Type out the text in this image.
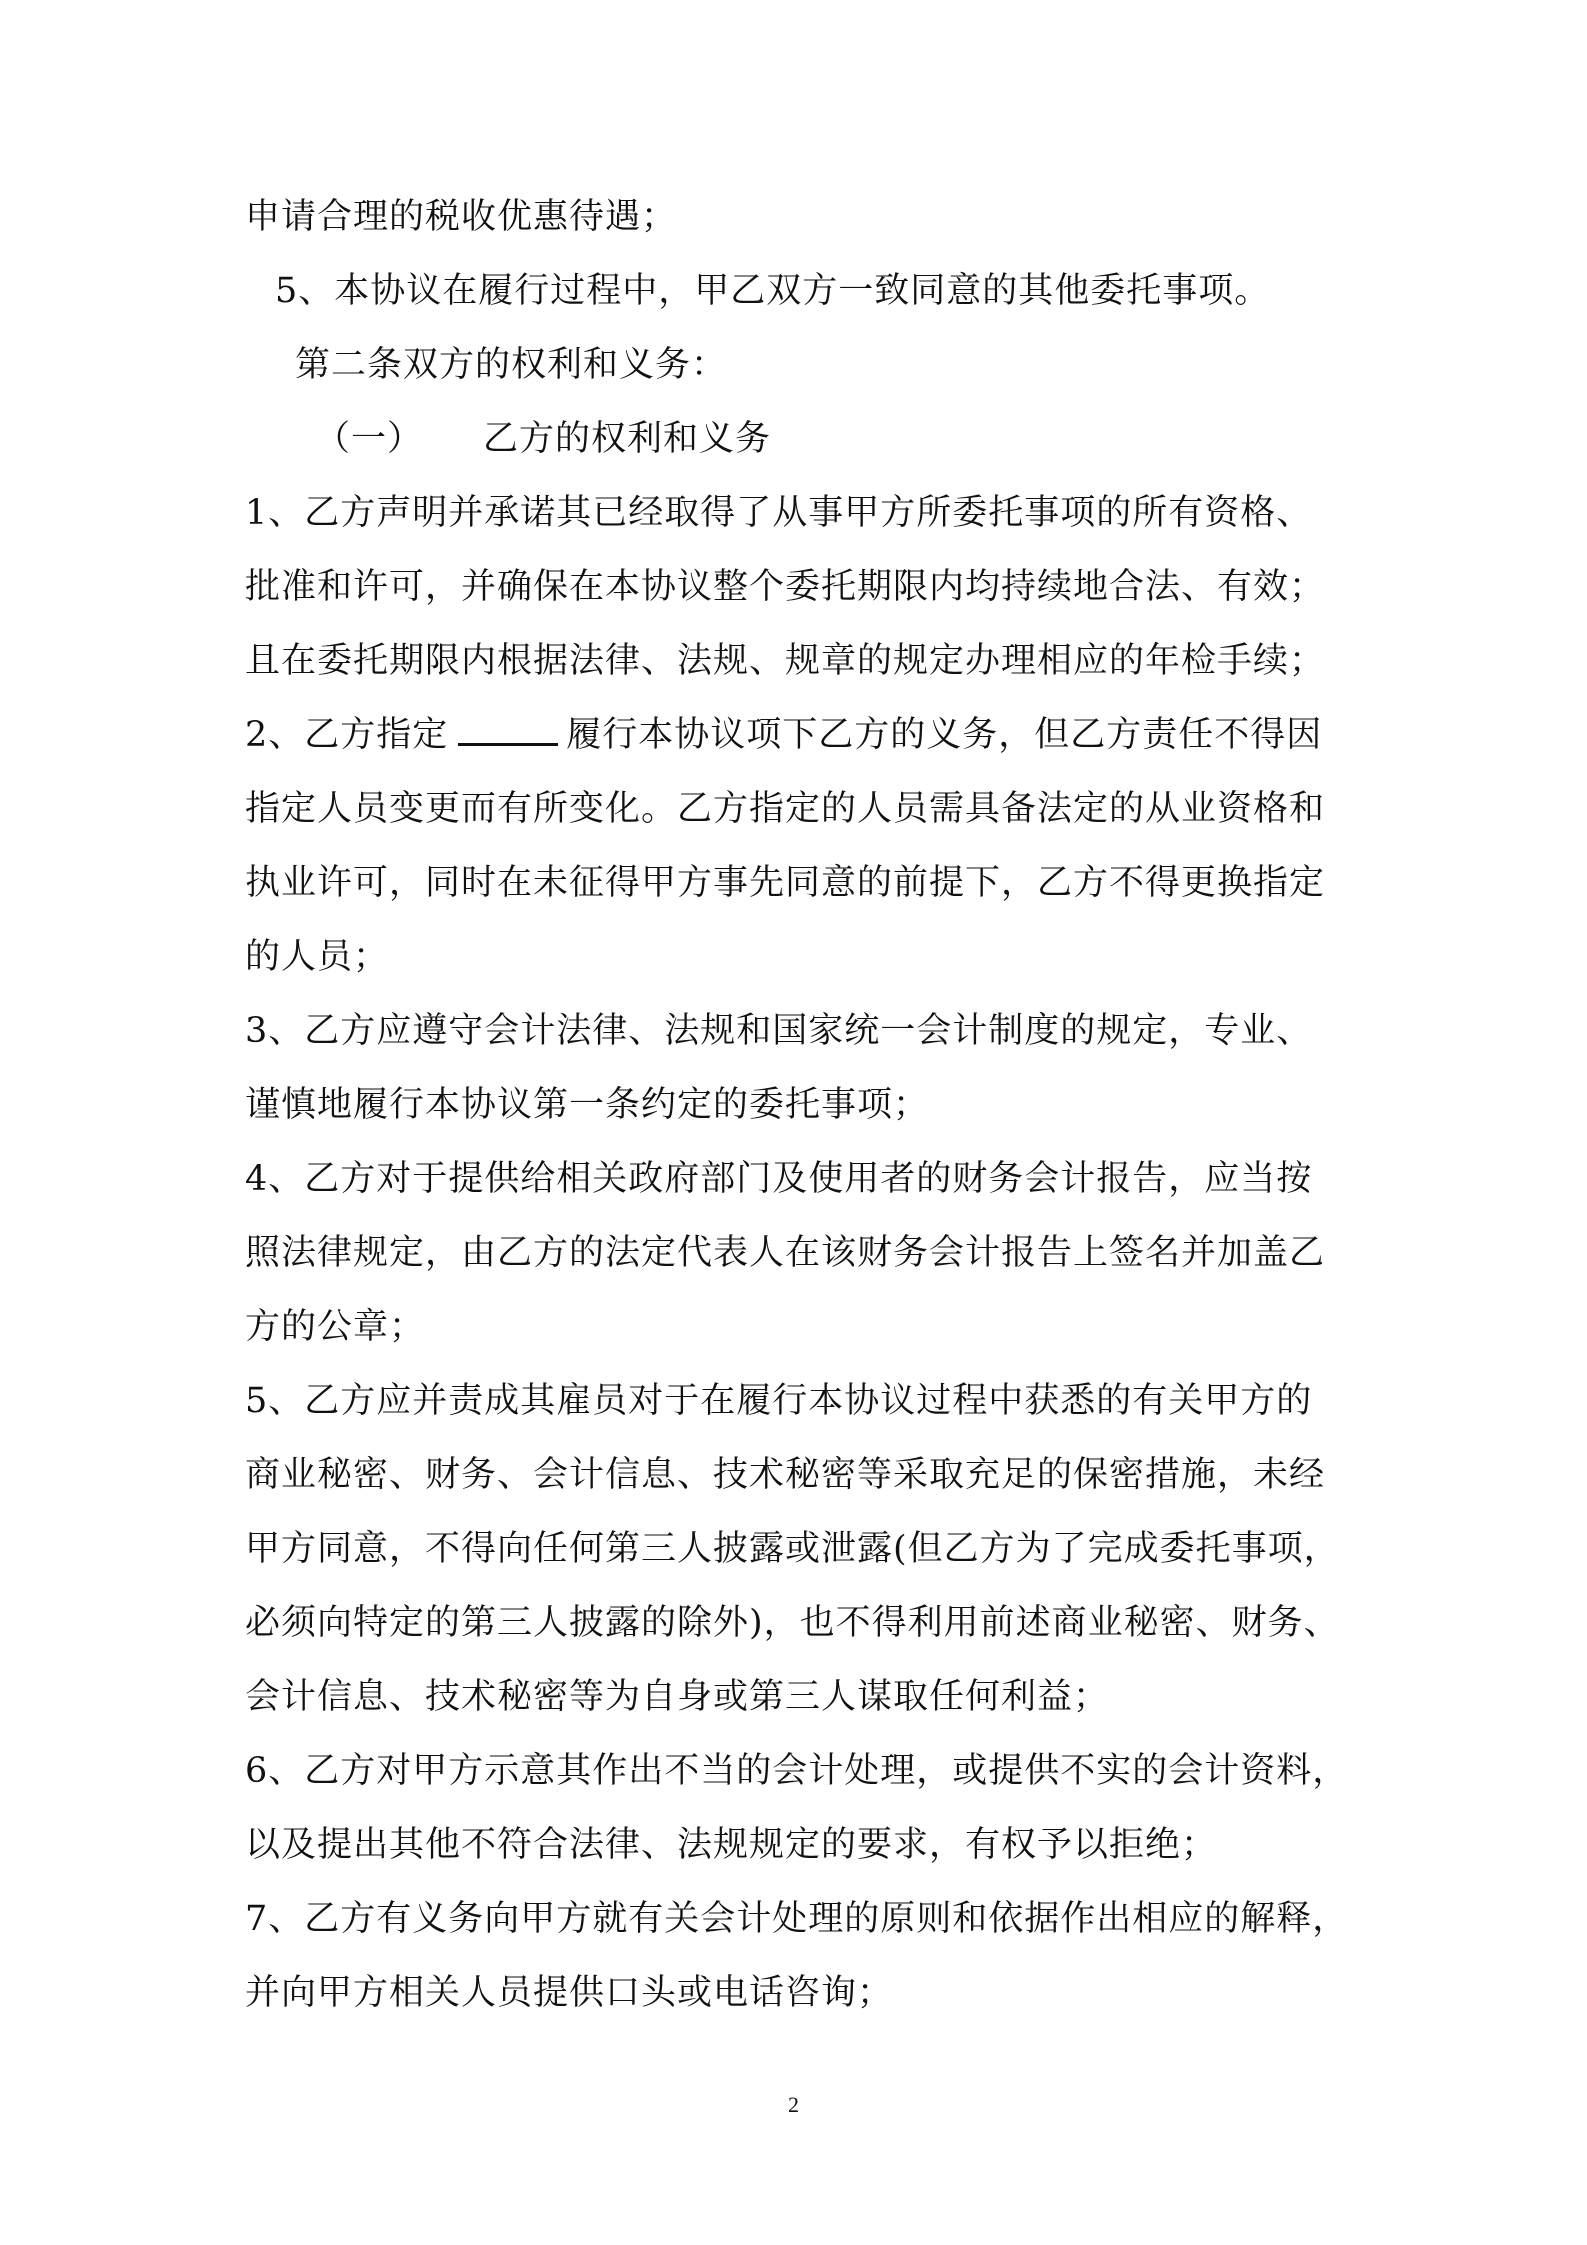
申请合理的税收优惠待遇；
5、本协议在履行过程中，甲乙双方一致同意的其他委托事项。
第二条双方的权利和义务：
（一） 乙方的权利和义务
1、乙方声明并承诺其已经取得了从事甲方所委托事项的所有资格、
批准和许可，并确保在本协议整个委托期限内均持续地合法、有效；
且在委托期限内根据法律、法规、规章的规定办理相应的年检手续；
2、乙方指定	履行本协议项下乙方的义务，但乙方责任不得因
指定人员变更而有所变化。乙方指定的人员需具备法定的从业资格和
执业许可，同时在未征得甲方事先同意的前提下，乙方不得更换指定
的人员；
3、乙方应遵守会计法律、法规和国家统一会计制度的规定，专业、
谨慎地履行本协议第一条约定的委托事项；
4、乙方对于提供给相关政府部门及使用者的财务会计报告，应当按
照法律规定，由乙方的法定代表人在该财务会计报告上签名并加盖乙
方的公章；
5、乙方应并责成其雇员对于在履行本协议过程中获悉的有关甲方的
商业秘密、财务、会计信息、技术秘密等采取充足的保密措施，未经
甲方同意，不得向任何第三人披露或泄露(但乙方为了完成委托事项，
必须向特定的第三人披露的除外)，也不得利用前述商业秘密、财务、
会计信息、技术秘密等为自身或第三人谋取任何利益；
6、乙方对甲方示意其作出不当的会计处理，或提供不实的会计资料，
以及提出其他不符合法律、法规规定的要求，有权予以拒绝；
7、乙方有义务向甲方就有关会计处理的原则和依据作出相应的解释，
并向甲方相关人员提供口头或电话咨询；
2
